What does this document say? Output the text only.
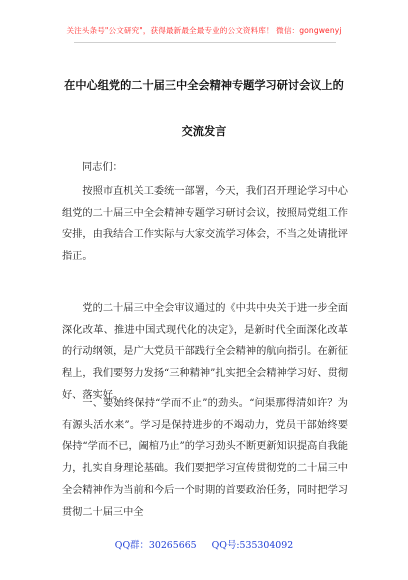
关注头条号"公文研究"，获得最新最全最专业的公文资料库！ 微信：gongwenyj
在中心组党的二十届三中全会精神专题学习研讨会议上的
交流发言
同志们：

按照市直机关工委统一部署，今天，我们召开理论学习中心组党的二十届三中全会精神专题学习研讨会议，按照局党组工作安排，由我结合工作实际与大家交流学习体会，不当之处请批评指正。

党的二十届三中全会审议通过的《中共中央关于进一步全面深化改革、推进中国式现代化的决定》，是新时代全面深化改革的行动纲领，是广大党员干部践行全会精神的航向指引。在新征程上，我们要努力发扬“三种精神”扎实把全会精神学习好、贯彻好、落实好。

一、要始终保持“学而不止”的劲头。“问渠那得清如许？为有源头活水来”。学习是保持进步的不竭动力，党员干部始终要保持“学而不已，阖棺乃止”的学习劲头不断更新知识提高自我能力，扎实自身理论基础。我们要把学习宣传贯彻党的二十届三中全会精神作为当前和今后一个时期的首要政治任务，同时把学习贯彻二十届三中全

QQ群：30265665 QQ号:535304092
